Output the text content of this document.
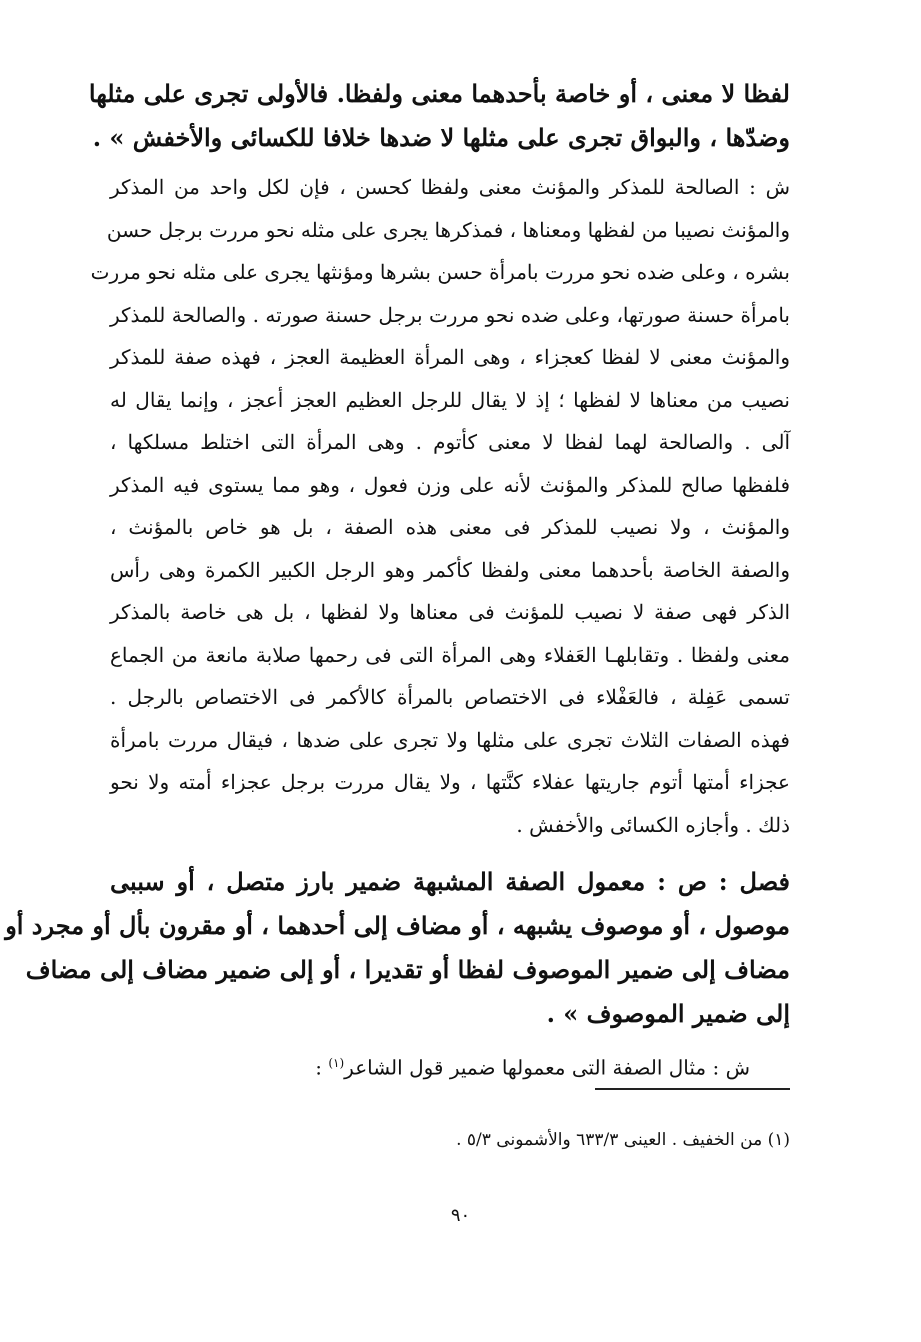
لفظا لا معنى ، أو خاصة بأحدهما معنى ولفظا. فالأولى تجرى على مثلها
وضدّها ، والبواق تجرى على مثلها لا ضدها خلافا للكسائى والأخفش » .
ش : الصالحة للمذكر والمؤنث معنى ولفظا كحسن ، فإن لكل واحد من المذكر
والمؤنث نصيبا من لفظها ومعناها ، فمذكرها يجرى على مثله نحو مررت برجل حسن
بشره ، وعلى ضده نحو مررت بامرأة حسن بشرها ومؤنثها يجرى على مثله نحو مررت
بامرأة حسنة صورتها، وعلى ضده نحو مررت برجل حسنة صورته . والصالحة للمذكر
والمؤنث معنى لا لفظا كعجزاء ، وهى المرأة العظيمة العجز ، فهذه صفة للمذكر
نصيب من معناها لا لفظها ؛ إذ لا يقال للرجل العظيم العجز أعجز ، وإنما يقال له
آلى . والصالحة لهما لفظا لا معنى كأتوم . وهى المرأة التى اختلط مسلكها ،
فلفظها صالح للمذكر والمؤنث لأنه على وزن فعول ، وهو مما يستوى فيه المذكر
والمؤنث ، ولا نصيب للمذكر فى معنى هذه الصفة ، بل هو خاص بالمؤنث ،
والصفة الخاصة بأحدهما معنى ولفظا كأكمر وهو الرجل الكبير الكمرة وهى رأس
الذكر فهى صفة لا نصيب للمؤنث فى معناها ولا لفظها ، بل هى خاصة بالمذكر
معنى ولفظا . وتقابلهـا العَفلاء وهى المرأة التى فى رحمها صلابة مانعة من الجماع
تسمى عَفِلة ، فالعَفْلاء فى الاختصاص بالمرأة كالأكمر فى الاختصاص بالرجل .
فهذه الصفات الثلاث تجرى على مثلها ولا تجرى على ضدها ، فيقال مررت بامرأة
عجزاء أمتها أتوم جاريتها عفلاء كنَّتها ، ولا يقال مررت برجل عجزاء أمته ولا نحو
ذلك . وأجازه الكسائى والأخفش .
فصل : ص : معمول الصفة المشبهة ضمير بارز متصل ، أو سببى
موصول ، أو موصوف يشبهه ، أو مضاف إلى أحدهما ، أو مقرون بأل أو مجرد أو
مضاف إلى ضمير الموصوف لفظا أو تقديرا ، أو إلى ضمير مضاف إلى مضاف
إلى ضمير الموصوف » .
ش : مثال الصفة التى معمولها ضمير قول الشاعر$^{(١)}$ :
(١) من الخفيف . العينى ٦٣٣/٣ والأشمونى ٥/٣ .
٩٠
